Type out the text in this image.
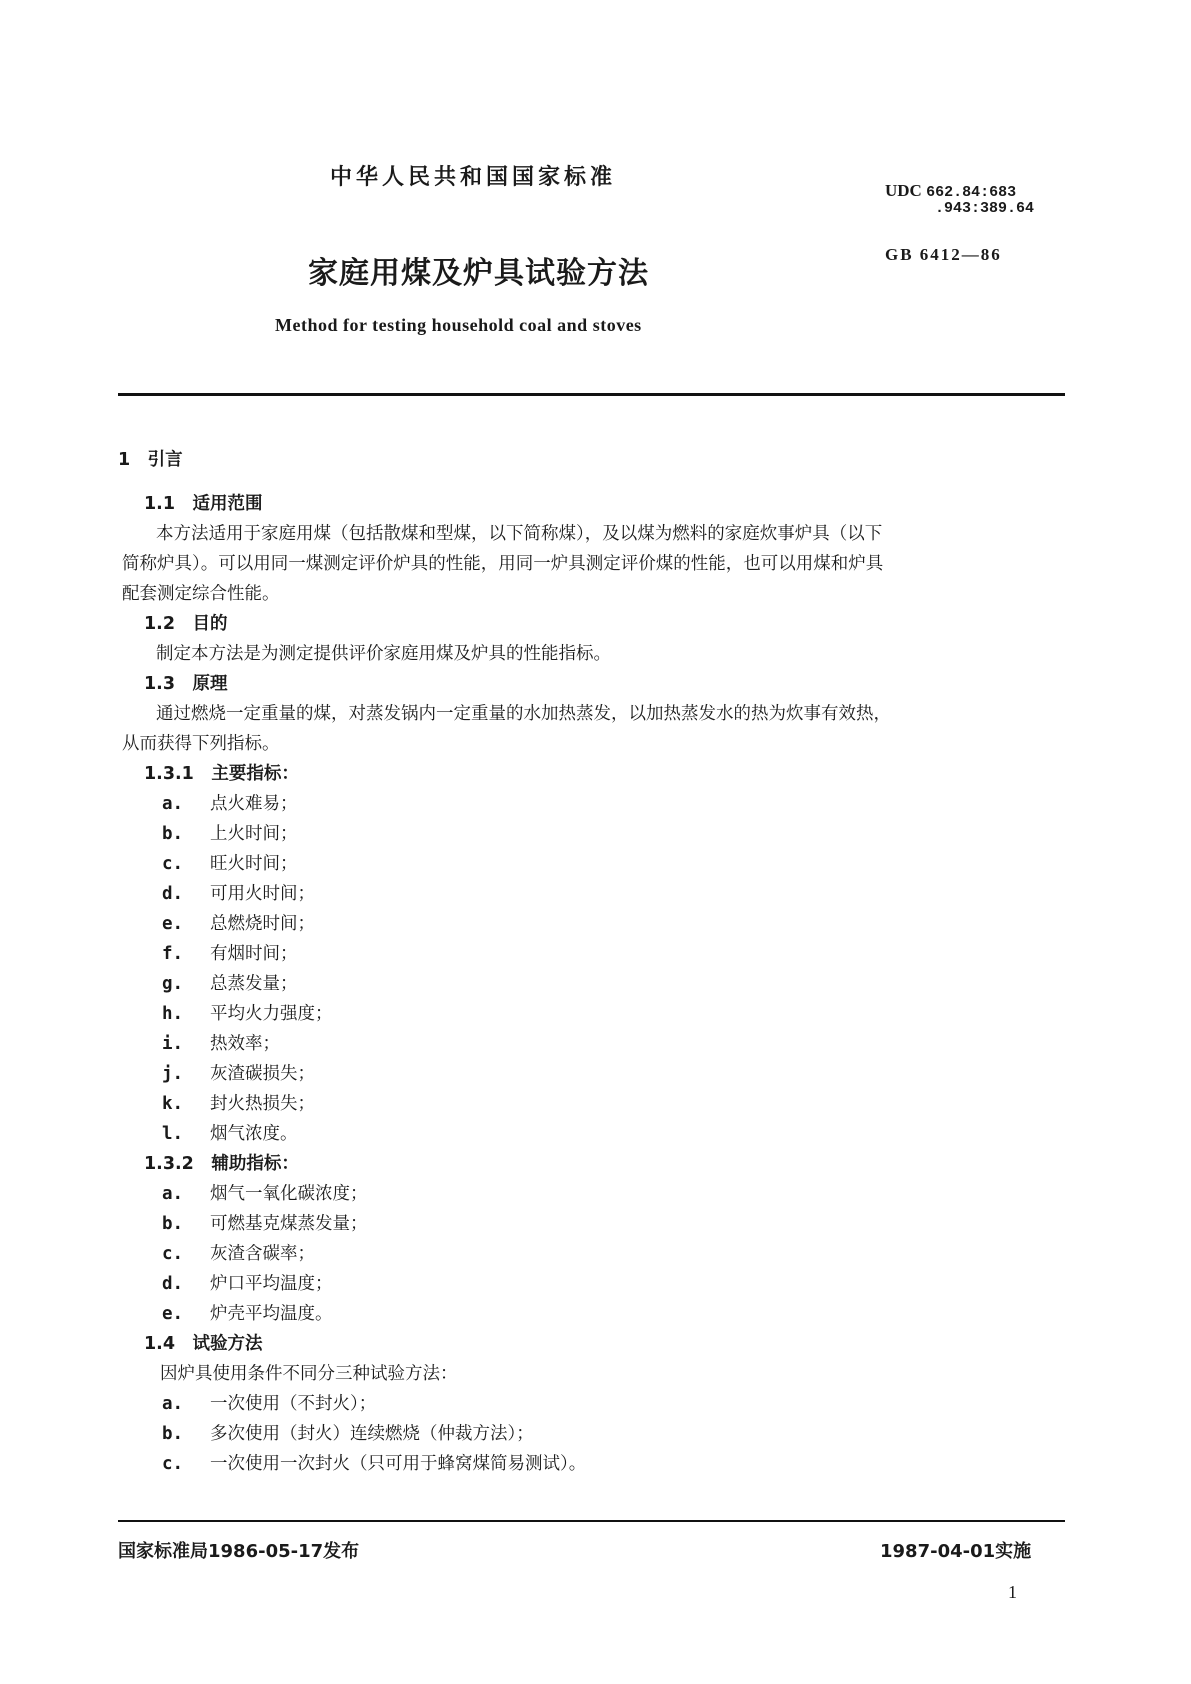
中华人民共和国国家标准
UDC 662.84:683
.943:389.64
GB 6412—86
家庭用煤及炉具试验方法
Method for testing household coal and stoves
1　引言
1.1　适用范围
本方法适用于家庭用煤（包括散煤和型煤，以下简称煤），及以煤为燃料的家庭炊事炉具（以下
简称炉具）。可以用同一煤测定评价炉具的性能，用同一炉具测定评价煤的性能，也可以用煤和炉具
配套测定综合性能。
1.2　目的
制定本方法是为测定提供评价家庭用煤及炉具的性能指标。
1.3　原理
通过燃烧一定重量的煤，对蒸发锅内一定重量的水加热蒸发，以加热蒸发水的热为炊事有效热，
从而获得下列指标。
1.3.1　主要指标：
a. 点火难易；
b. 上火时间；
c. 旺火时间；
d. 可用火时间；
e. 总燃烧时间；
f. 有烟时间；
g. 总蒸发量；
h. 平均火力强度；
i. 热效率；
j. 灰渣碳损失；
k. 封火热损失；
l. 烟气浓度。
1.3.2　辅助指标：
a. 烟气一氧化碳浓度；
b. 可燃基克煤蒸发量；
c. 灰渣含碳率；
d. 炉口平均温度；
e. 炉壳平均温度。
1.4　试验方法
因炉具使用条件不同分三种试验方法：
a. 一次使用（不封火）；
b. 多次使用（封火）连续燃烧（仲裁方法）；
c. 一次使用一次封火（只可用于蜂窝煤简易测试）。
国家标准局1986-05-17发布	1987-04-01实施
1
